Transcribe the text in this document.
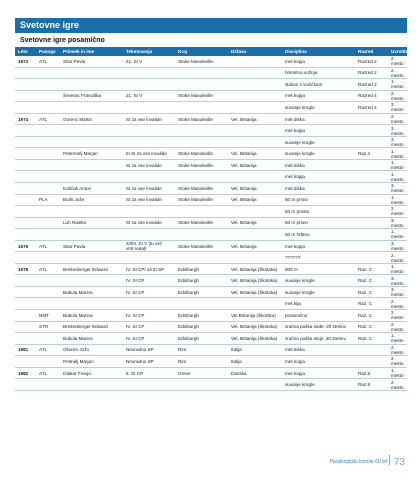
Svetovne igre
Svetovne igre posamično
Leto	Panoga	Priimek in ime	Tekmovanja	Kraj	Država	Disciplina	Razred	Uvrstitev
1973	ATL	Sitar Pavla	21. SI V	Stoke Mandeville		met kopja	Razred 2	2. mesto
						hitrostna vožnja	Razred 2	2. mesto
						slalom z vozičkom	Razred 2	1. mesto
		Ševerac Franciška	21. SI V	Stoke Mandeville		met kopja	Razred 4	2. mesto
						suvanje krogle	Razred 4	3. mesto
1974	ATL	Gorenc Martin	SI za vse invalide	Stoke Mandeville	Vel. Britanija	met diska		2. mesto
						met kopja		3. mesto
						suvanje krogle		3. mesto
		Petermelj Marjan	III.SI za vse invalide	Stoke Mandeville	Vel. Britanija	suvanje krogle	Raz.4	1. mesto
			SI za vse invalide	Stoke Mandeville	Vel. Britanija	met diska		1. mesto
						met kopja		1. mesto
		Koščak Anton	SI za vse invalide	Stoke Mandeville	Vel. Britanija	met diska		3. mesto
	PLA	Burili Jože	SI za vse invalide	Stoke Mandeville	Vel. Britanija	50 m prsno		1. mesto
						50 m prosto		2. mesto
		Luh Rastko	SI za vse invalide	Stoke Mandeville	Vel. Britanija	50 m prsno		3. mesto
						50 m hrbtno		1. mesto
1975	ATL	Sitar Pavla	XXIII. SI V (tu več vrst.redal)	Stoke Mandeville	Vel. Britanija	met kopja		3. mesto
						??????		2. mesto
1978	ATL	Breitenberger Edward	IV. SI CP/ ali III.SP	Edinburgh	Vel. Britanija (Škotska)	800 m	Raz. C	1. mesto
			IV. SI CP	Edinburgh	Vel. Britanija (Škotska)	suvanje krogle	Raz. C	3. mesto
		Bubola Marina	IV. SI CP	Edinburgh	Vel. Britanija (Škotska)	suvanje krogle	Raz. C	3. mesto
						met kija	Raz. C	2. mesto
	NMT	Bubola Marina	IV. SI CP	Edinburgh	Vel.Britanija (Škotska)	posamično	Raz. C	2. mesto
	STR	Breitenberger Edward	IV. SI CP	Edinburgh	Vel. Britanija (Škotska)	zračna puška sede, 20 strelov	Raz. C	2. mesto
		Bubola Marina	IV. SI CP	Edinburgh	Vel. Britanija (Škotska)	zračna puška stoje, 20 strelov	Raz. C	1. mesto
1981	ATL	Okoren Jožo	Neuradno SP	Rim	Italija	met diska		2. mesto
		Petmelj Marjan	Neuradno SP	Rim	Italija	met kopja		2. mesto
1982	ATL	Izlakar Franjo	5. SI CP	Greve	Danska	met kopja	Raz.8	1. mesto
						suvanje krogle	Raz.8	2. mesto
Paralimpijski komite 60 let 73
